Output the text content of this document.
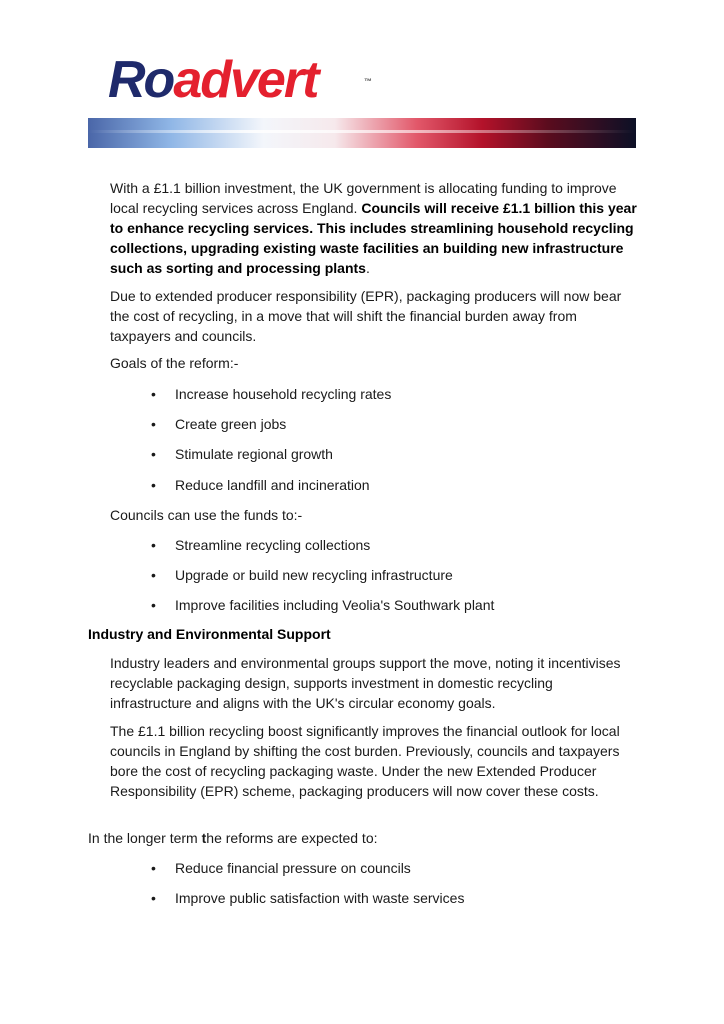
Roadvert	™

With a £1.1 billion investment, the UK government is allocating funding to improve local recycling services across England. Councils will receive £1.1 billion this year to enhance recycling services. This includes streamlining household recycling collections, upgrading existing waste facilities an building new infrastructure such as sorting and processing plants.

Due to extended producer responsibility (EPR), packaging producers will now bear the cost of recycling, in a move that will shift the financial burden away from taxpayers and councils.

Goals of the reform:-

•	Increase household recycling rates
•	Create green jobs
•	Stimulate regional growth
•	Reduce landfill and incineration

Councils can use the funds to:-

•	Streamline recycling collections
•	Upgrade or build new recycling infrastructure
•	Improve facilities including Veolia's Southwark plant

Industry and Environmental Support

Industry leaders and environmental groups support the move, noting it incentivises recyclable packaging design, supports investment in domestic recycling infrastructure and aligns with the UK's circular economy goals.

The £1.1 billion recycling boost significantly improves the financial outlook for local councils in England by shifting the cost burden. Previously, councils and taxpayers bore the cost of recycling packaging waste. Under the new Extended Producer Responsibility (EPR) scheme, packaging producers will now cover these costs.

In the longer term the reforms are expected to:

•	Reduce financial pressure on councils
•	Improve public satisfaction with waste services
